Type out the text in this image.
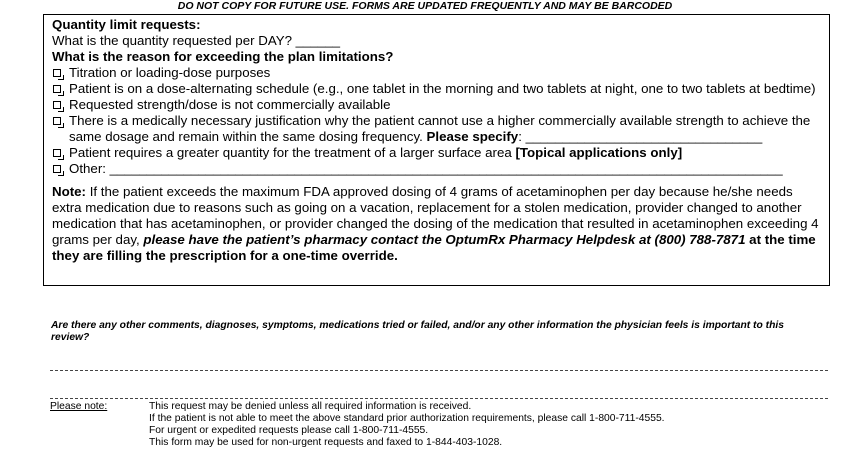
DO NOT COPY FOR FUTURE USE. FORMS ARE UPDATED FREQUENTLY AND MAY BE BARCODED
Quantity limit requests:
What is the quantity requested per DAY? ______
What is the reason for exceeding the plan limitations?
Titration or loading-dose purposes
Patient is on a dose-alternating schedule (e.g., one tablet in the morning and two tablets at night, one to two tablets at bedtime)
Requested strength/dose is not commercially available
There is a medically necessary justification why the patient cannot use a higher commercially available strength to achieve the same dosage and remain within the same dosing frequency. Please specify: ________________________________
Patient requires a greater quantity for the treatment of a larger surface area [Topical applications only]
Other: ___________________________________________________________________________________________
Note: If the patient exceeds the maximum FDA approved dosing of 4 grams of acetaminophen per day because he/she needs extra medication due to reasons such as going on a vacation, replacement for a stolen medication, provider changed to another medication that has acetaminophen, or provider changed the dosing of the medication that resulted in acetaminophen exceeding 4 grams per day, please have the patient’s pharmacy contact the OptumRx Pharmacy Helpdesk at (800) 788-7871 at the time they are filling the prescription for a one-time override.
Are there any other comments, diagnoses, symptoms, medications tried or failed, and/or any other information the physician feels is important to this review?
Please note:	This request may be denied unless all required information is received.
If the patient is not able to meet the above standard prior authorization requirements, please call 1-800-711-4555.
For urgent or expedited requests please call 1-800-711-4555.
This form may be used for non-urgent requests and faxed to 1-844-403-1028.
